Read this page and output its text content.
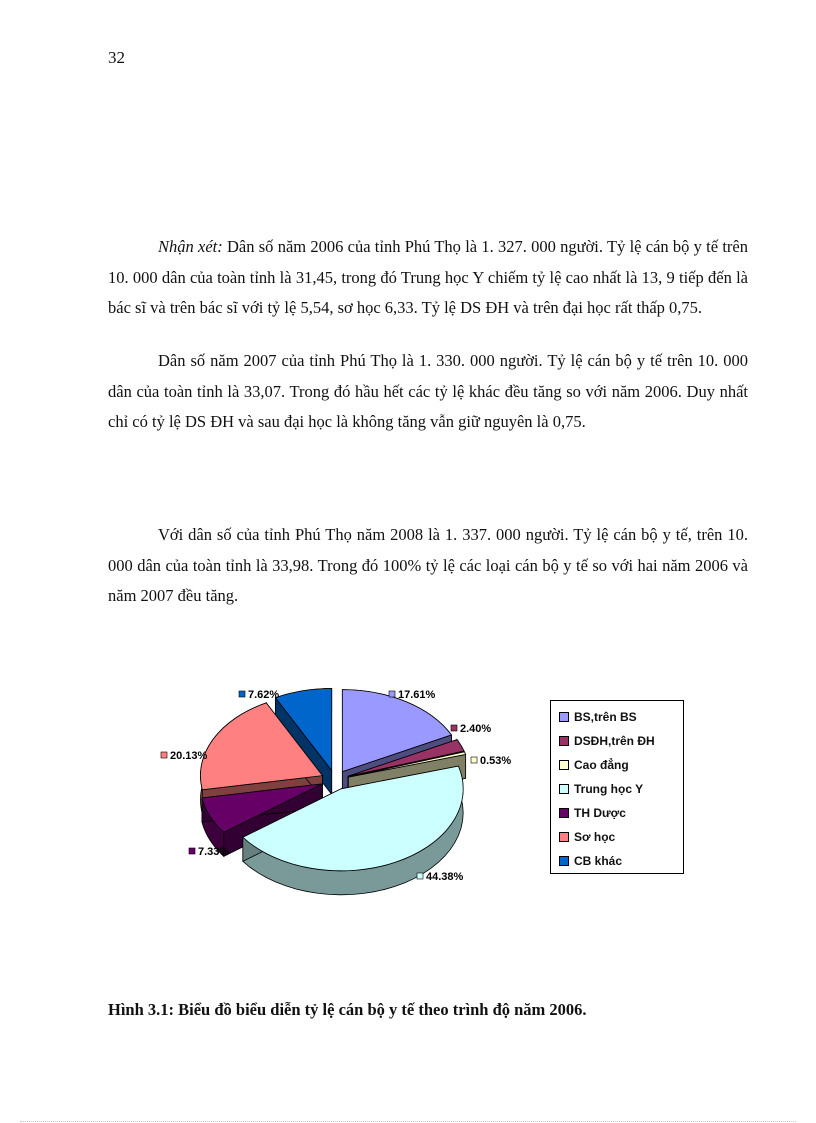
32

Nhận xét: Dân số năm 2006 của tỉnh Phú Thọ là 1. 327. 000 người. Tỷ lệ cán bộ y tế trên 10. 000 dân của toàn tỉnh là 31,45, trong đó Trung học Y chiếm tỷ lệ cao nhất là 13, 9 tiếp đến là bác sĩ và trên bác sĩ với tỷ lệ 5,54, sơ học 6,33. Tỷ lệ DS ĐH và trên đại học rất thấp 0,75.

Dân số năm 2007 của tỉnh Phú Thọ là 1. 330. 000 người. Tỷ lệ cán bộ y tế trên 10. 000 dân của toàn tỉnh là 33,07. Trong đó hầu hết các tỷ lệ khác đều tăng so với năm 2006. Duy nhất chỉ có tỷ lệ DS ĐH và sau đại học là không tăng vẫn giữ nguyên là 0,75.

Với dân số của tỉnh Phú Thọ năm 2008 là 1. 337. 000 người. Tỷ lệ cán bộ y tế, trên 10. 000 dân của toàn tỉnh là 33,98. Trong đó 100% tỷ lệ các loại cán bộ y tế so với hai năm 2006 và năm 2007 đều tăng.

17.61%
2.40%
0.53%
44.38%
7.33%
20.13%
7.62%
BS,trên BS
DSĐH,trên ĐH
Cao đẳng
Trung học Y
TH Dược
Sơ học
CB khác
Hình 3.1: Biểu đồ biểu diễn tỷ lệ cán bộ y tế theo trình độ năm 2006.
